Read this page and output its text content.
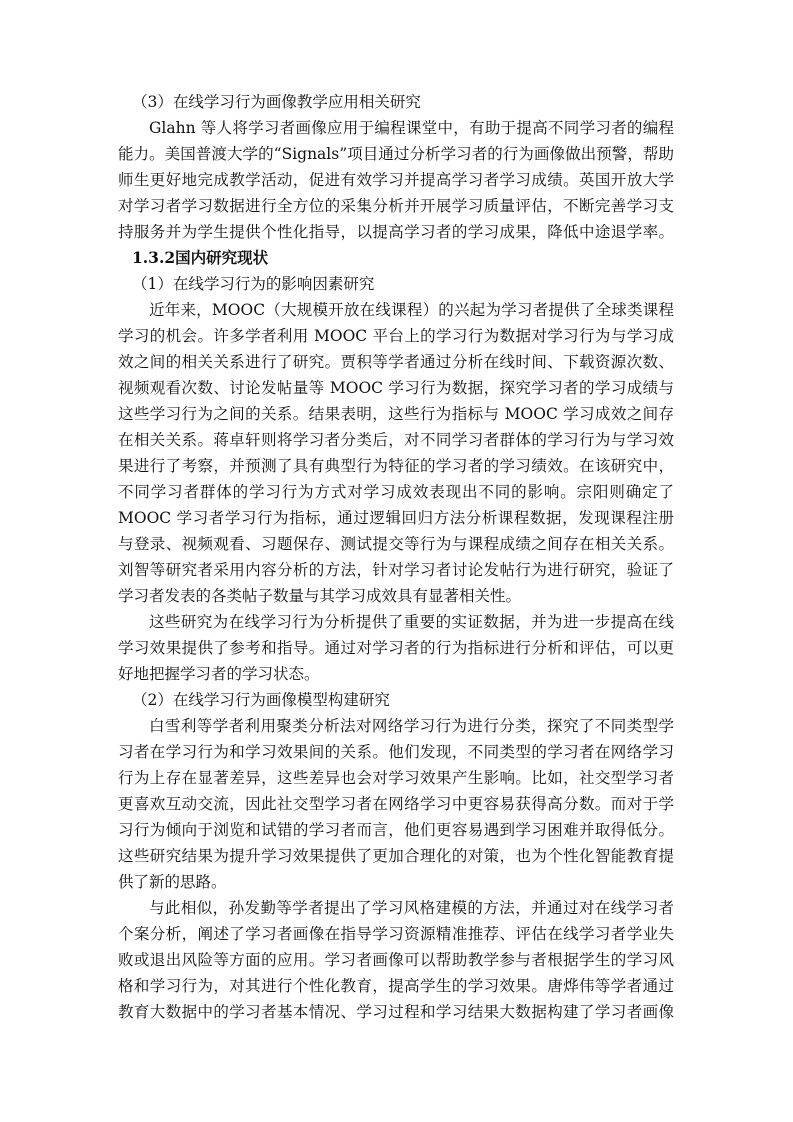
（3）在线学习行为画像教学应用相关研究
Glahn 等人将学习者画像应用于编程课堂中，有助于提高不同学习者的编程
能力。美国普渡大学的“Signals”项目通过分析学习者的行为画像做出预警，帮助
师生更好地完成教学活动，促进有效学习并提高学习者学习成绩。英国开放大学
对学习者学习数据进行全方位的采集分析并开展学习质量评估，不断完善学习支
持服务并为学生提供个性化指导，以提高学习者的学习成果，降低中途退学率。
1.3.2国内研究现状
（1）在线学习行为的影响因素研究
近年来，MOOC（大规模开放在线课程）的兴起为学习者提供了全球类课程
学习的机会。许多学者利用 MOOC 平台上的学习行为数据对学习行为与学习成
效之间的相关关系进行了研究。贾积等学者通过分析在线时间、下载资源次数、
视频观看次数、讨论发帖量等 MOOC 学习行为数据，探究学习者的学习成绩与
这些学习行为之间的关系。结果表明，这些行为指标与 MOOC 学习成效之间存
在相关关系。蒋卓轩则将学习者分类后，对不同学习者群体的学习行为与学习效
果进行了考察，并预测了具有典型行为特征的学习者的学习绩效。在该研究中，
不同学习者群体的学习行为方式对学习成效表现出不同的影响。宗阳则确定了
MOOC 学习者学习行为指标，通过逻辑回归方法分析课程数据，发现课程注册
与登录、视频观看、习题保存、测试提交等行为与课程成绩之间存在相关关系。
刘智等研究者采用内容分析的方法，针对学习者讨论发帖行为进行研究，验证了
学习者发表的各类帖子数量与其学习成效具有显著相关性。
这些研究为在线学习行为分析提供了重要的实证数据，并为进一步提高在线
学习效果提供了参考和指导。通过对学习者的行为指标进行分析和评估，可以更
好地把握学习者的学习状态。
（2）在线学习行为画像模型构建研究
白雪利等学者利用聚类分析法对网络学习行为进行分类，探究了不同类型学
习者在学习行为和学习效果间的关系。他们发现，不同类型的学习者在网络学习
行为上存在显著差异，这些差异也会对学习效果产生影响。比如，社交型学习者
更喜欢互动交流，因此社交型学习者在网络学习中更容易获得高分数。而对于学
习行为倾向于浏览和试错的学习者而言，他们更容易遇到学习困难并取得低分。
这些研究结果为提升学习效果提供了更加合理化的对策，也为个性化智能教育提
供了新的思路。
与此相似，孙发勤等学者提出了学习风格建模的方法，并通过对在线学习者
个案分析，阐述了学习者画像在指导学习资源精准推荐、评估在线学习者学业失
败或退出风险等方面的应用。学习者画像可以帮助教学参与者根据学生的学习风
格和学习行为，对其进行个性化教育，提高学生的学习效果。唐烨伟等学者通过
教育大数据中的学习者基本情况、学习过程和学习结果大数据构建了学习者画像
